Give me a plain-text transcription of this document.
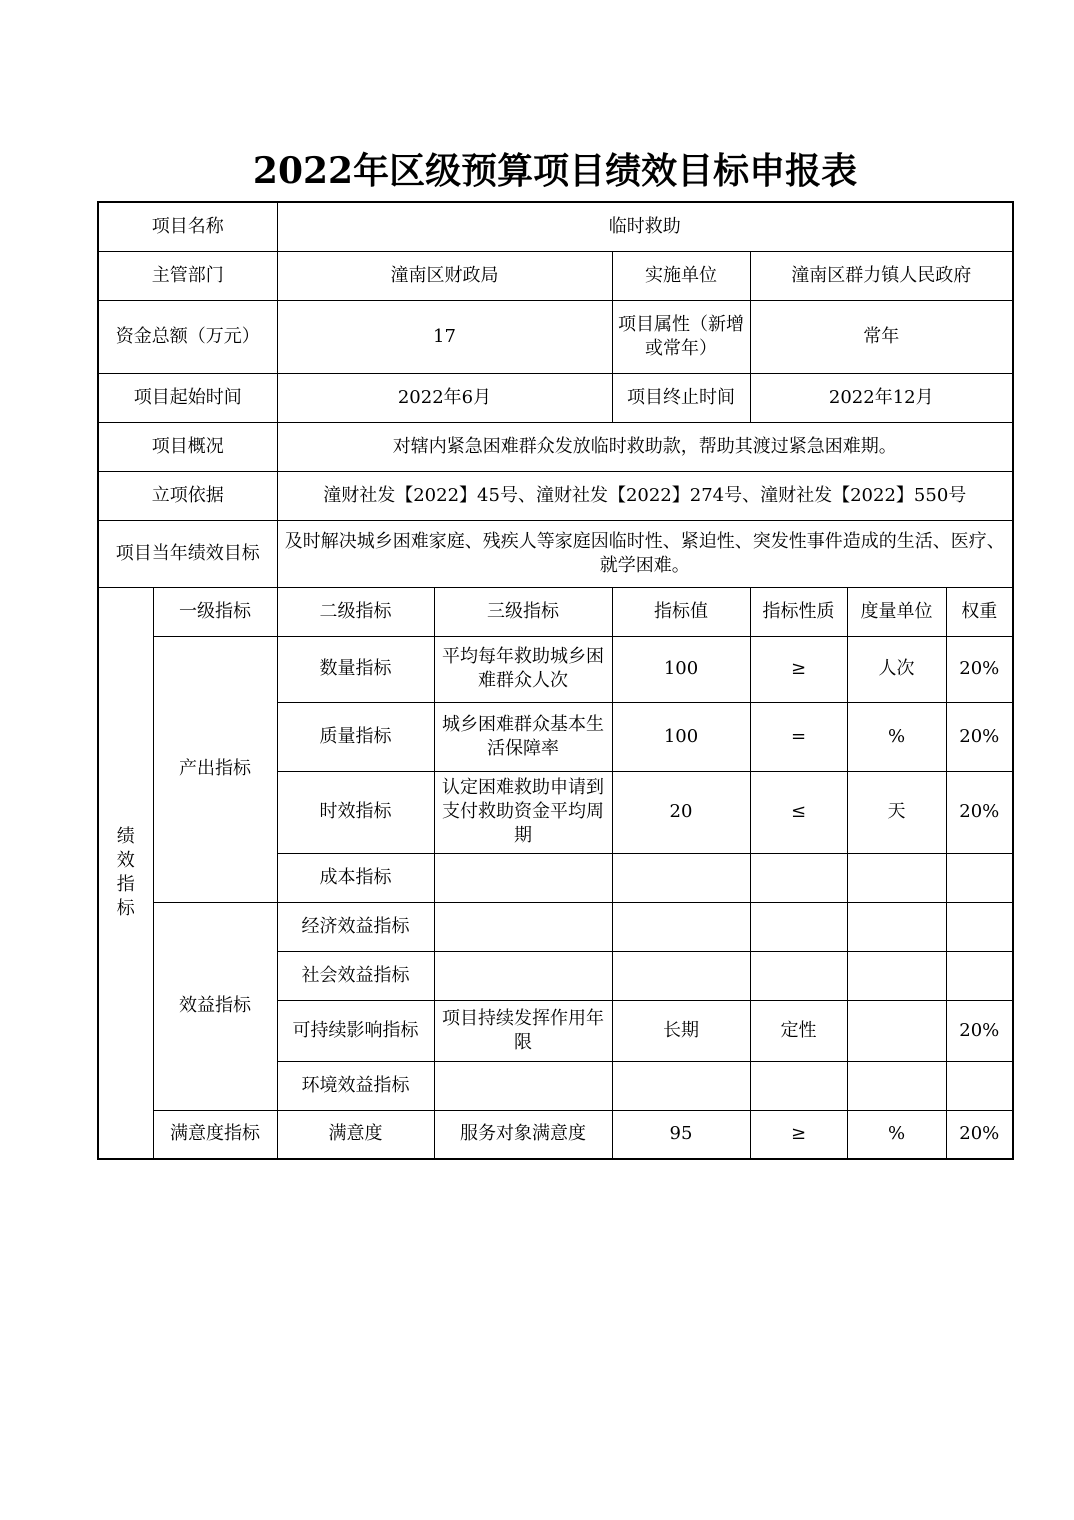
2022年区级预算项目绩效目标申报表
项目名称		临时救助					
主管部门		潼南区财政局		实施单位	潼南区群力镇人民政府		
资金总额（万元）		17		项目属性（新增或常年）	常年		
项目起始时间		2022年6月		项目终止时间	2022年12月		
项目概况		对辖内紧急困难群众发放临时救助款，帮助其渡过紧急困难期。					
立项依据		潼财社发【2022】45号、潼财社发【2022】274号、潼财社发【2022】550号					
项目当年绩效目标		及时解决城乡困难家庭、残疾人等家庭因临时性、紧迫性、突发性事件造成的生活、医疗、就学困难。					
绩效指标	一级指标	二级指标	三级指标	指标值	指标性质	度量单位	权重
	产出指标	数量指标	平均每年救助城乡困难群众人次	100	≥	人次	20%
		质量指标	城乡困难群众基本生活保障率	100	=	%	20%
		时效指标	认定困难救助申请到支付救助资金平均周期	20	≤	天	20%
		成本指标					
	效益指标	经济效益指标					
		社会效益指标					
		可持续影响指标	项目持续发挥作用年限	长期	定性		20%
		环境效益指标					
	满意度指标	满意度	服务对象满意度	95	≥	%	20%
